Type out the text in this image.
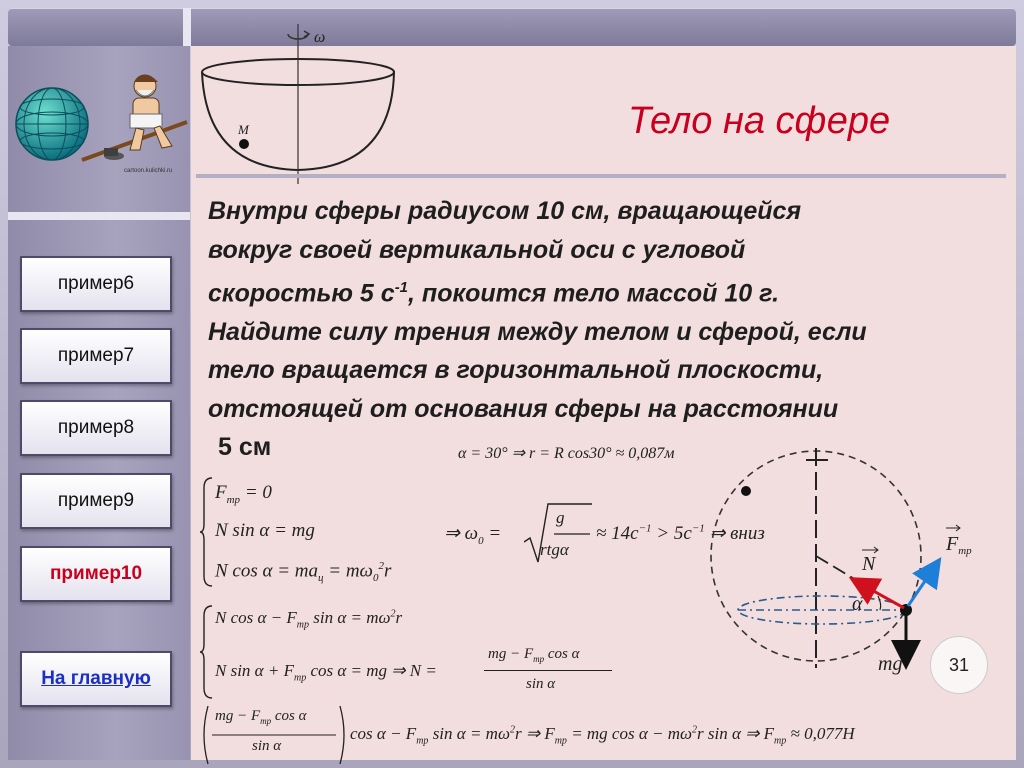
cartoon.kulichki.ru
пример6
пример7
пример8
пример9
пример10
На главную
ω
M	Тело на сфере
Внутри сферы радиусом 10 см, вращающейся
вокруг своей вертикальной оси с угловой
скоростью 5 $с^{-1}$, покоится тело массой 10 г.
Найдите силу трения между телом и сферой, если
тело вращается в горизонтальной плоскости,
отстоящей от основания сферы на расстоянии

5 см	α = 30° ⇒ r = R cos30° ≈ 0,087м
$F_{тр} = 0$
N sin α = mg
N $\cos \alpha = ma_ц = m\omega_0^2r$
⇒ $\omega_0$ =
g
rtgα
≈ $14c^{-1} > 5c^{-1}$ ⇒ вниз
N $\cos \alpha - F_{тр}$ $\sin \alpha = m\omega^2r$
N $\sin \alpha + F_{тр}$ cos α = mg ⇒ N =
mg − $F_{тр}$ cos α
sin α
mg − $F_{тр}$ cos α
sin α
$\cos \alpha - F_{тр}$ $\sin \alpha = m\omega^2r$ ⇒ $F_{тр}$ = mg $\cos \alpha - m\omega^2r$ sin α ⇒ $F_{тр} \approx 0,077H$
N
$F_{тр}$
α
mg	31
